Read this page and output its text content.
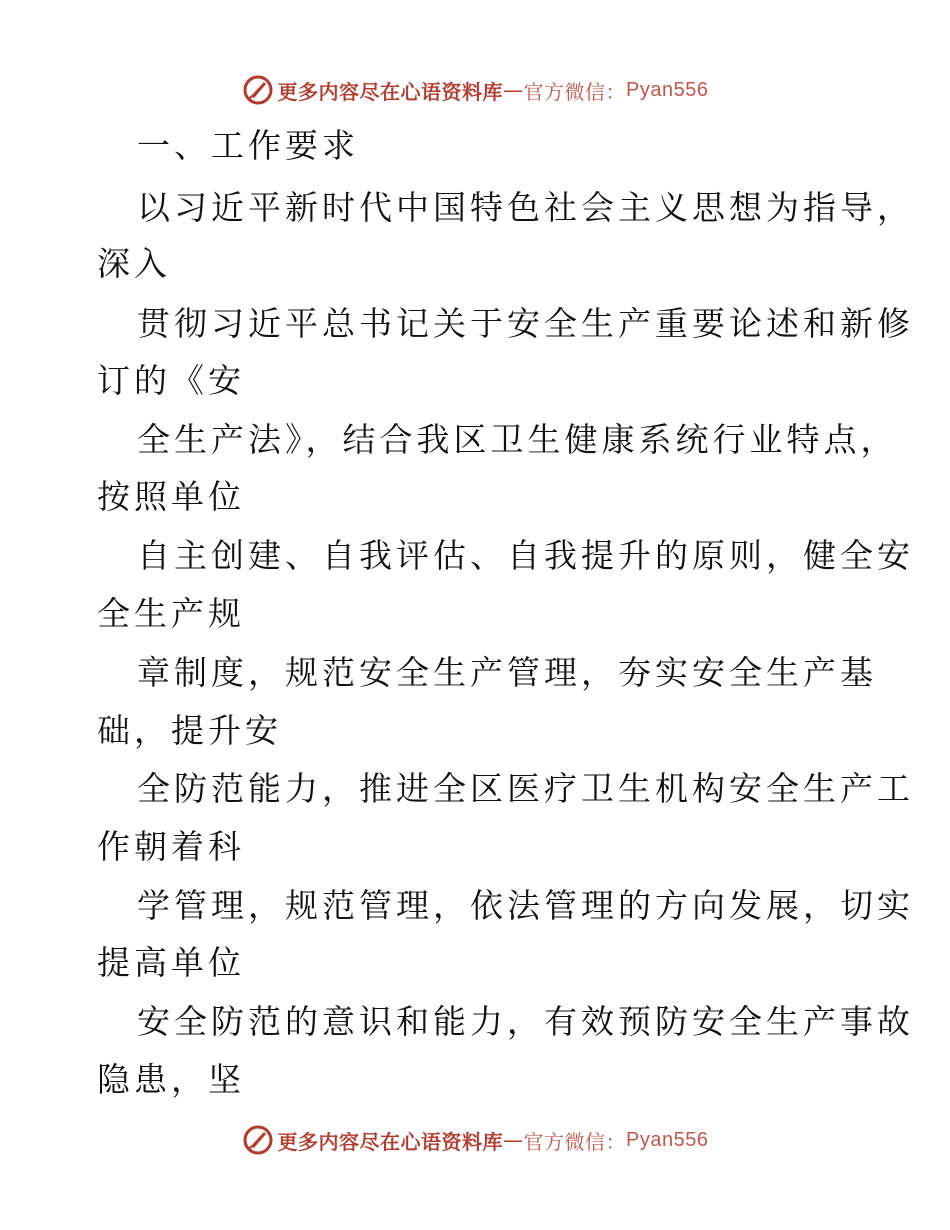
更多内容尽在心语资料库 — 官方微信： Pyan556
一、工作要求
以习近平新时代中国特色社会主义思想为指导，
深入
贯彻习近平总书记关于安全生产重要论述和新修
订的《安
全生产法》，结合我区卫生健康系统行业特点，
按照单位
自主创建、自我评估、自我提升的原则，健全安
全生产规
章制度，规范安全生产管理，夯实安全生产基
础，提升安
全防范能力，推进全区医疗卫生机构安全生产工
作朝着科
学管理，规范管理，依法管理的方向发展，切实
提高单位
安全防范的意识和能力，有效预防安全生产事故
隐患，坚
更多内容尽在心语资料库 — 官方微信： Pyan556
